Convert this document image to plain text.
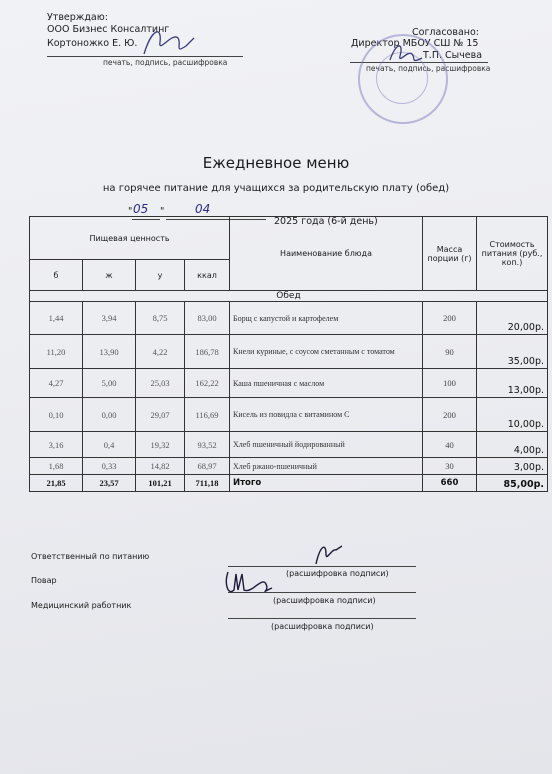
Утверждаю:
ООО Бизнес Консалтинг
Кортоножко Е. Ю.
печать, подпись, расшифровка
Согласовано:
Директор МБОУ СШ № 15
Т.П. Сычева
печать, подпись, расшифровка
Ежедневное меню
на горячее питание для учащихся за родительскую плату (обед)
" 05 "	04
2025 года (6-й день)
Пищевая ценность				Наименование блюда	Масса порции (г)	Стоимость питания (руб., коп.)
б	ж	у	ккал			
Обед						
1,44	3,94	8,75	83,00	Борщ с капустой и картофелем	200	20,00р.
11,20	13,90	4,22	186,78	Кнели куриные, с соусом сметанным с томатом	90	35,00р.
4,27	5,00	25,03	162,22	Каша пшеничная с маслом	100	13,00р.
0,10	0,00	29,07	116,69	Кисель из повидла с витамином С	200	10,00р.
3,16	0,4	19,32	93,52	Хлеб пшеничный йодированный	40	4,00р.
1,68	0,33	14,82	68,97	Хлеб ржано-пшеничный	30	3,00р.
21,85	23,57	101,21	711,18	Итого	660	85,00р.
Ответственный по питанию
(расшифровка подписи)
Повар
(расшифровка подписи)
Медицинский работник
(расшифровка подписи)
